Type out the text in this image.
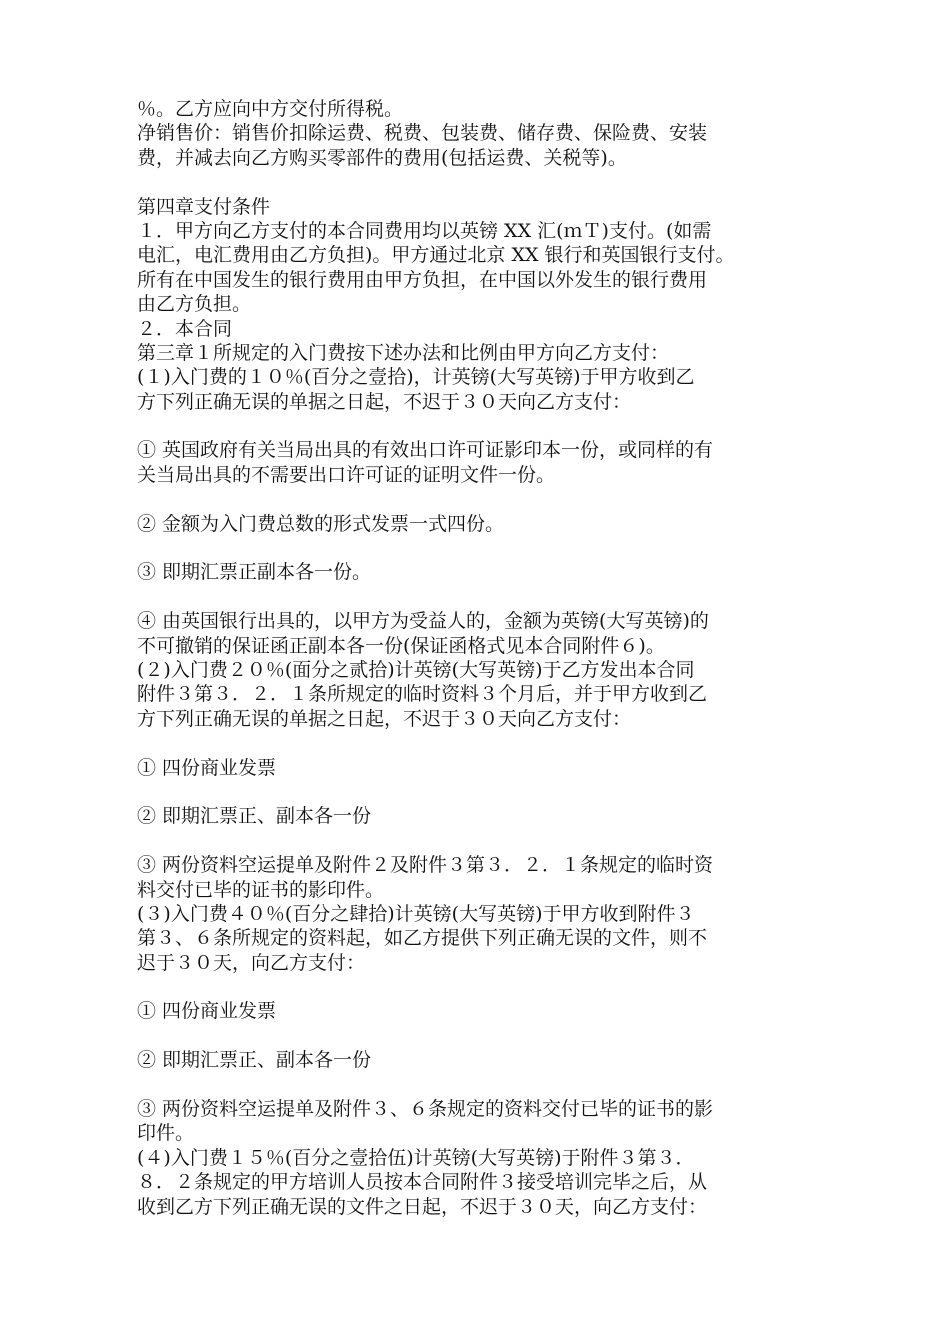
％。乙方应向中方交付所得税。
净销售价：销售价扣除运费、税费、包装费、储存费、保险费、安装
费，并减去向乙方购买零部件的费用(包括运费、关税等)。
第四章支付条件
１．甲方向乙方支付的本合同费用均以英镑 XX 汇(ｍＴ)支付。(如需
电汇，电汇费用由乙方负担)。甲方通过北京 XX 银行和英国银行支付。
所有在中国发生的银行费用由甲方负担，在中国以外发生的银行费用
由乙方负担。
２．本合同
第三章１所规定的入门费按下述办法和比例由甲方向乙方支付：
(１)入门费的１０％(百分之壹拾)，计英镑(大写英镑)于甲方收到乙
方下列正确无误的单据之日起，不迟于３０天向乙方支付：
① 英国政府有关当局出具的有效出口许可证影印本一份，或同样的有
关当局出具的不需要出口许可证的证明文件一份。
② 金额为入门费总数的形式发票一式四份。
③ 即期汇票正副本各一份。
④ 由英国银行出具的，以甲方为受益人的，金额为英镑(大写英镑)的
不可撤销的保证函正副本各一份(保证函格式见本合同附件６)。
(２)入门费２０％(面分之贰拾)计英镑(大写英镑)于乙方发出本合同
附件３第３．２．１条所规定的临时资料３个月后，并于甲方收到乙
方下列正确无误的单据之日起，不迟于３０天向乙方支付：
① 四份商业发票
② 即期汇票正、副本各一份
③ 两份资料空运提单及附件２及附件３第３．２．１条规定的临时资
料交付已毕的证书的影印件。
(３)入门费４０％(百分之肆拾)计英镑(大写英镑)于甲方收到附件３
第３、６条所规定的资料起，如乙方提供下列正确无误的文件，则不
迟于３０天，向乙方支付：
① 四份商业发票
② 即期汇票正、副本各一份
③ 两份资料空运提单及附件３、６条规定的资料交付已毕的证书的影
印件。
(４)入门费１５％(百分之壹拾伍)计英镑(大写英镑)于附件３第３．
８．２条规定的甲方培训人员按本合同附件３接受培训完毕之后，从
收到乙方下列正确无误的文件之日起，不迟于３０天，向乙方支付：
